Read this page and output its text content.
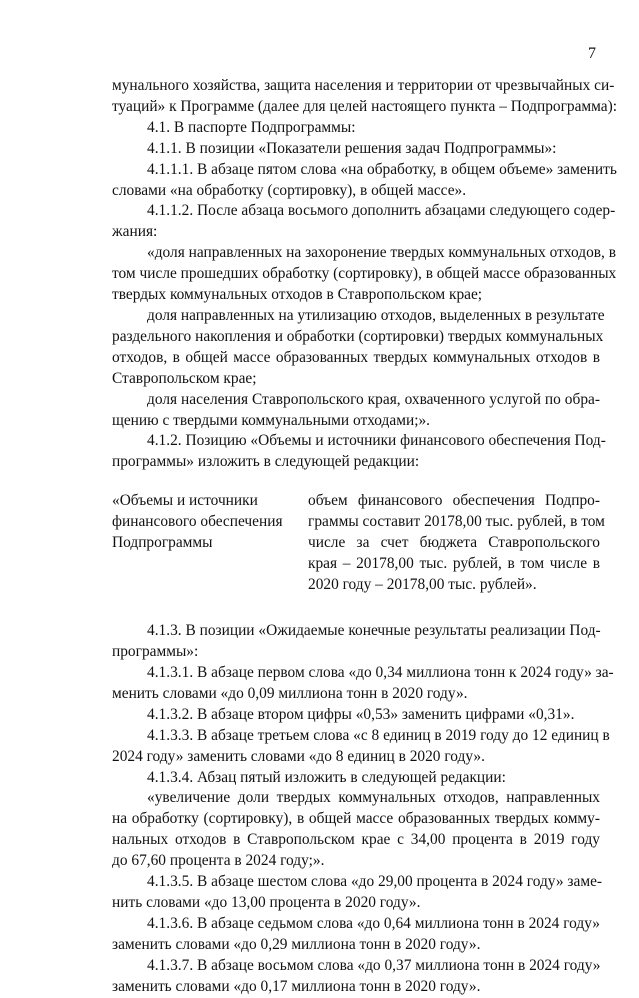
7
мунального хозяйства, защита населения и территории от чрезвычайных си-
туаций» к Программе (далее для целей настоящего пункта – Подпрограмма):
4.1. В паспорте Подпрограммы:
4.1.1. В позиции «Показатели решения задач Подпрограммы»:
4.1.1.1. В абзаце пятом слова «на обработку, в общем объеме» заменить
словами «на обработку (сортировку), в общей массе».
4.1.1.2. После абзаца восьмого дополнить абзацами следующего содер-
жания:
«доля направленных на захоронение твердых коммунальных отходов, в
том числе прошедших обработку (сортировку), в общей массе образованных
твердых коммунальных отходов в Ставропольском крае;
доля направленных на утилизацию отходов, выделенных в результате
раздельного накопления и обработки (сортировки) твердых коммунальных
отходов, в общей массе образованных твердых коммунальных отходов в
Ставропольском крае;
доля населения Ставропольского края, охваченного услугой по обра-
щению с твердыми коммунальными отходами;».
4.1.2. Позицию «Объемы и источники финансового обеспечения Под-
программы» изложить в следующей редакции:
«Объемы и источники
финансового обеспечения
Подпрограммы
объем финансового обеспечения Подпро-
граммы составит 20178,00 тыс. рублей, в том
числе за счет бюджета Ставропольского
края – 20178,00 тыс. рублей, в том числе в
2020 году – 20178,00 тыс. рублей».
4.1.3. В позиции «Ожидаемые конечные результаты реализации Под-
программы»:
4.1.3.1. В абзаце первом слова «до 0,34 миллиона тонн к 2024 году» за-
менить словами «до 0,09 миллиона тонн в 2020 году».
4.1.3.2. В абзаце втором цифры «0,53» заменить цифрами «0,31».
4.1.3.3. В абзаце третьем слова «с 8 единиц в 2019 году до 12 единиц в
2024 году» заменить словами «до 8 единиц в 2020 году».
4.1.3.4. Абзац пятый изложить в следующей редакции:
«увеличение доли твердых коммунальных отходов, направленных
на обработку (сортировку), в общей массе образованных твердых комму-
нальных отходов в Ставропольском крае с 34,00 процента в 2019 году
до 67,60 процента в 2024 году;».
4.1.3.5. В абзаце шестом слова «до 29,00 процента в 2024 году» заме-
нить словами «до 13,00 процента в 2020 году».
4.1.3.6. В абзаце седьмом слова «до 0,64 миллиона тонн в 2024 году»
заменить словами «до 0,29 миллиона тонн в 2020 году».
4.1.3.7. В абзаце восьмом слова «до 0,37 миллиона тонн в 2024 году»
заменить словами «до 0,17 миллиона тонн в 2020 году».
